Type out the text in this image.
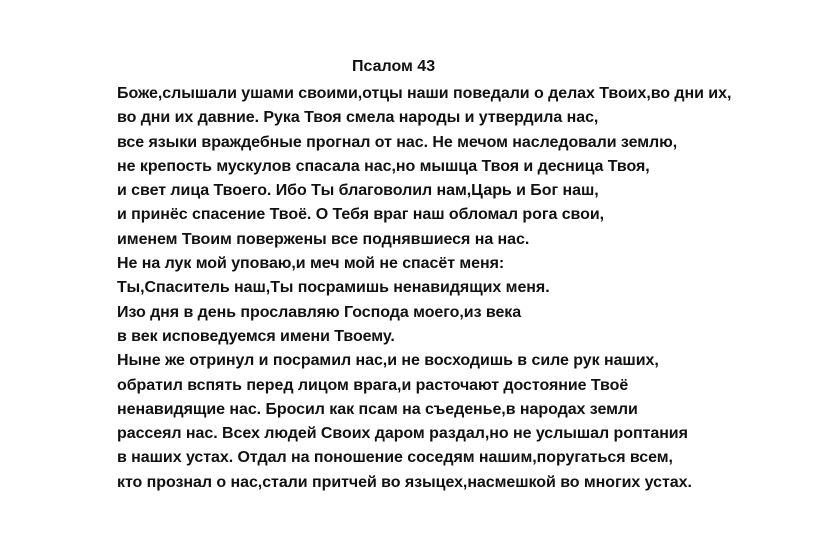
Псалом 43
Боже,слышали ушами своими,отцы наши поведали о делах Твоих,во дни их,
во дни их давние. Рука Твоя смела народы и утвердила нас,
все языки враждебные прогнал от нас. Не мечом наследовали землю,
не крепость мускулов спасала нас,но мышца Твоя и десница Твоя,
и свет лица Твоего. Ибо Ты благоволил нам,Царь и Бог наш,
и принёс спасение Твоё. О Тебя враг наш обломал рога свои,
именем Твоим повержены все поднявшиеся на нас.
Не на лук мой уповаю,и меч мой не спасёт меня:
Ты,Спаситель наш,Ты посрамишь ненавидящих меня.
Изо дня в день прославляю Господа моего,из века
в век исповедуемся имени Твоему.
Ныне же отринул и посрамил нас,и не восходишь в силе рук наших,
обратил вспять перед лицом врага,и расточают достояние Твоё
ненавидящие нас. Бросил как псам на съеденье,в народах земли
рассеял нас. Всех людей Своих даром раздал,но не услышал роптания
в наших устах. Отдал на поношение соседям нашим,поругаться всем,
кто прознал о нас,стали притчей во языцех,насмешкой во многих устах.
